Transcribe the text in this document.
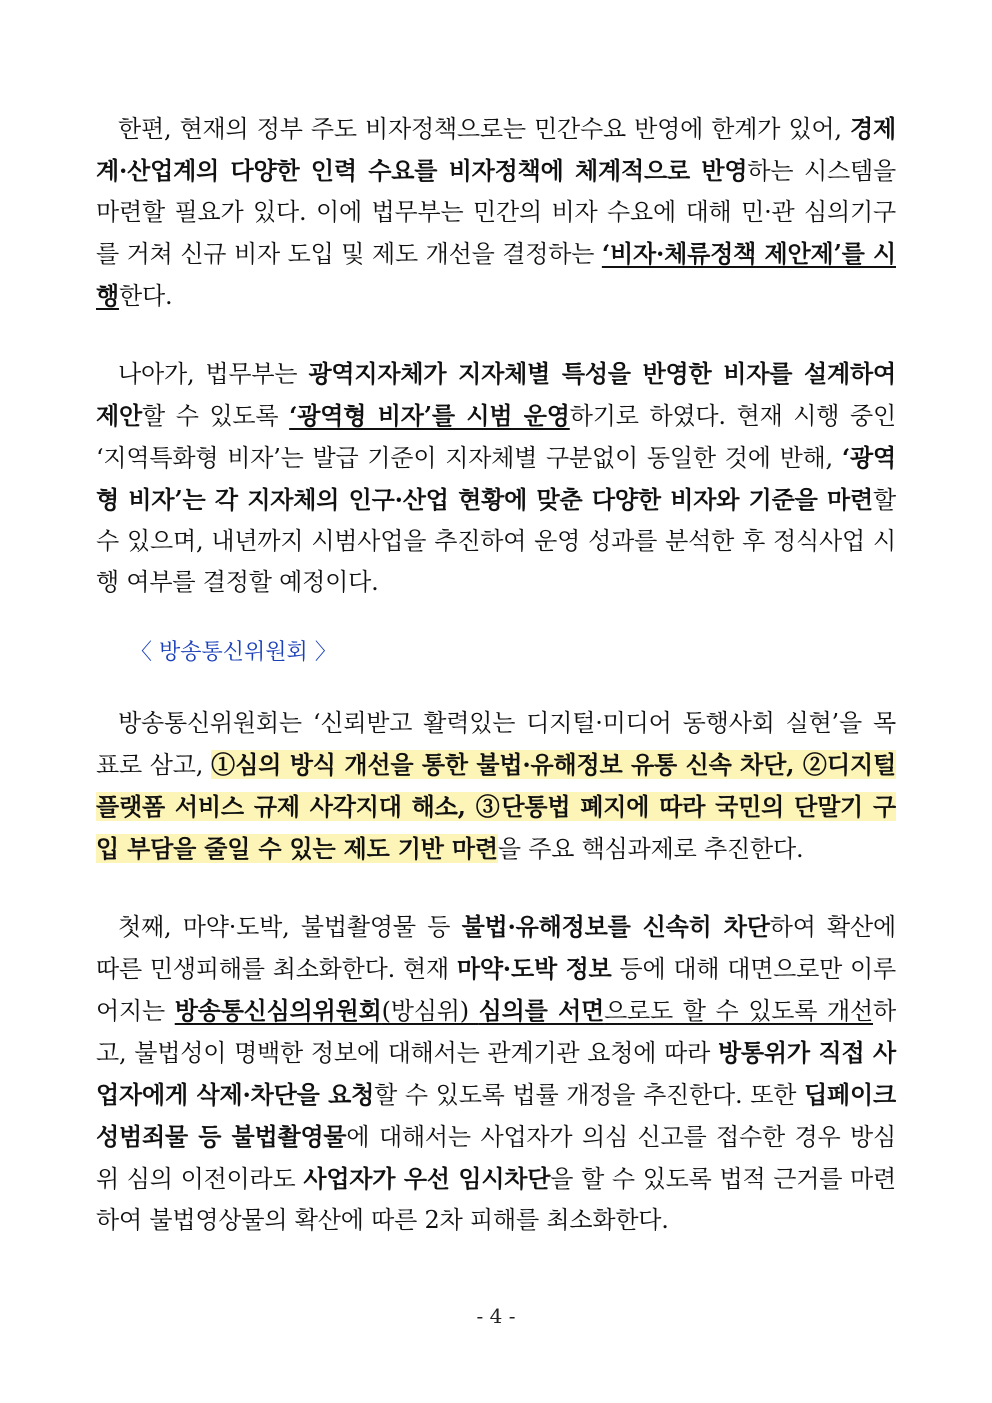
한편, 현재의 정부 주도 비자정책으로는 민간수요 반영에 한계가 있어, 경제계·산업계의 다양한 인력 수요를 비자정책에 체계적으로 반영하는 시스템을 마련할 필요가 있다. 이에 법무부는 민간의 비자 수요에 대해 민·관 심의기구를 거쳐 신규 비자 도입 및 제도 개선을 결정하는 ‘비자·체류정책 제안제’를 시행한다.

나아가, 법무부는 광역지자체가 지자체별 특성을 반영한 비자를 설계하여 제안할 수 있도록 ‘광역형 비자’를 시범 운영하기로 하였다. 현재 시행 중인 ‘지역특화형 비자’는 발급 기준이 지자체별 구분없이 동일한 것에 반해, ‘광역형 비자’는 각 지자체의 인구·산업 현황에 맞춘 다양한 비자와 기준을 마련할 수 있으며, 내년까지 시범사업을 추진하여 운영 성과를 분석한 후 정식사업 시행 여부를 결정할 예정이다.

〈 방송통신위원회 〉

방송통신위원회는 ‘신뢰받고 활력있는 디지털·미디어 동행사회 실현’을 목표로 삼고, ①심의 방식 개선을 통한 불법·유해정보 유통 신속 차단, ②디지털 플랫폼 서비스 규제 사각지대 해소, ③단통법 폐지에 따라 국민의 단말기 구입 부담을 줄일 수 있는 제도 기반 마련을 주요 핵심과제로 추진한다.

첫째, 마약·도박, 불법촬영물 등 불법·유해정보를 신속히 차단하여 확산에 따른 민생피해를 최소화한다. 현재 마약·도박 정보 등에 대해 대면으로만 이루어지는 방송통신심의위원회(방심위) 심의를 서면으로도 할 수 있도록 개선하고, 불법성이 명백한 정보에 대해서는 관계기관 요청에 따라 방통위가 직접 사업자에게 삭제·차단을 요청할 수 있도록 법률 개정을 추진한다. 또한 딥페이크 성범죄물 등 불법촬영물에 대해서는 사업자가 의심 신고를 접수한 경우 방심위 심의 이전이라도 사업자가 우선 임시차단을 할 수 있도록 법적 근거를 마련하여 불법영상물의 확산에 따른 2차 피해를 최소화한다.

- 4 -
